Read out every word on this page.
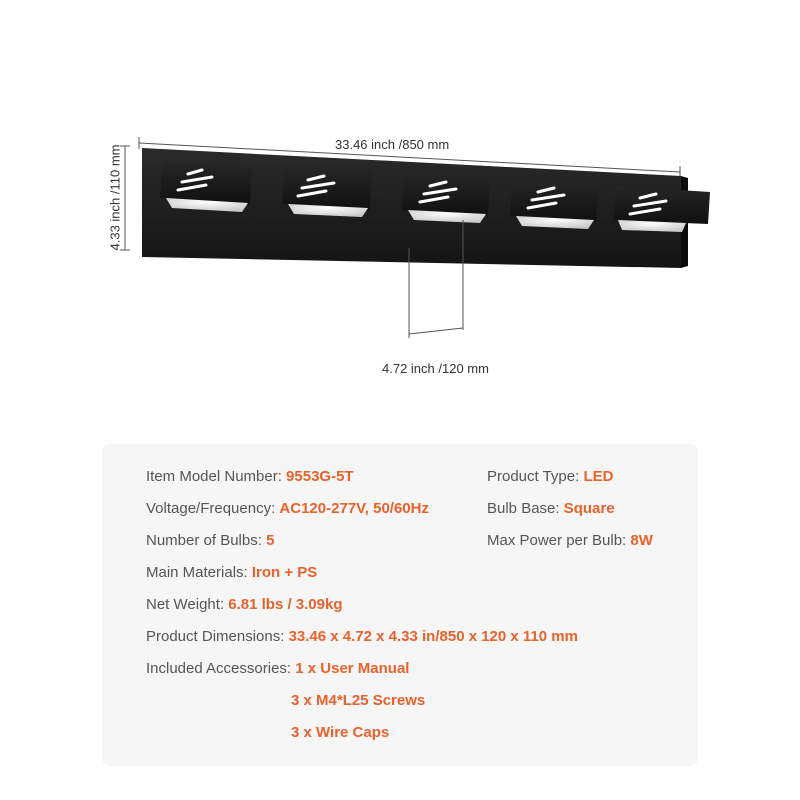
33.46 inch /850 mm
4.33 inch /110 mm
4.72 inch /120 mm
Item Model Number: 9553G-5T	Product Type: LED
Voltage/Frequency: AC120-277V, 50/60Hz	Bulb Base: Square
Number of Bulbs: 5	Max Power per Bulb: 8W
Main Materials: Iron + PS
Net Weight: 6.81 lbs / 3.09kg
Product Dimensions: 33.46 x 4.72 x 4.33 in/850 x 120 x 110 mm
Included Accessories: 1 x User Manual
3 x M4*L25 Screws
3 x Wire Caps
